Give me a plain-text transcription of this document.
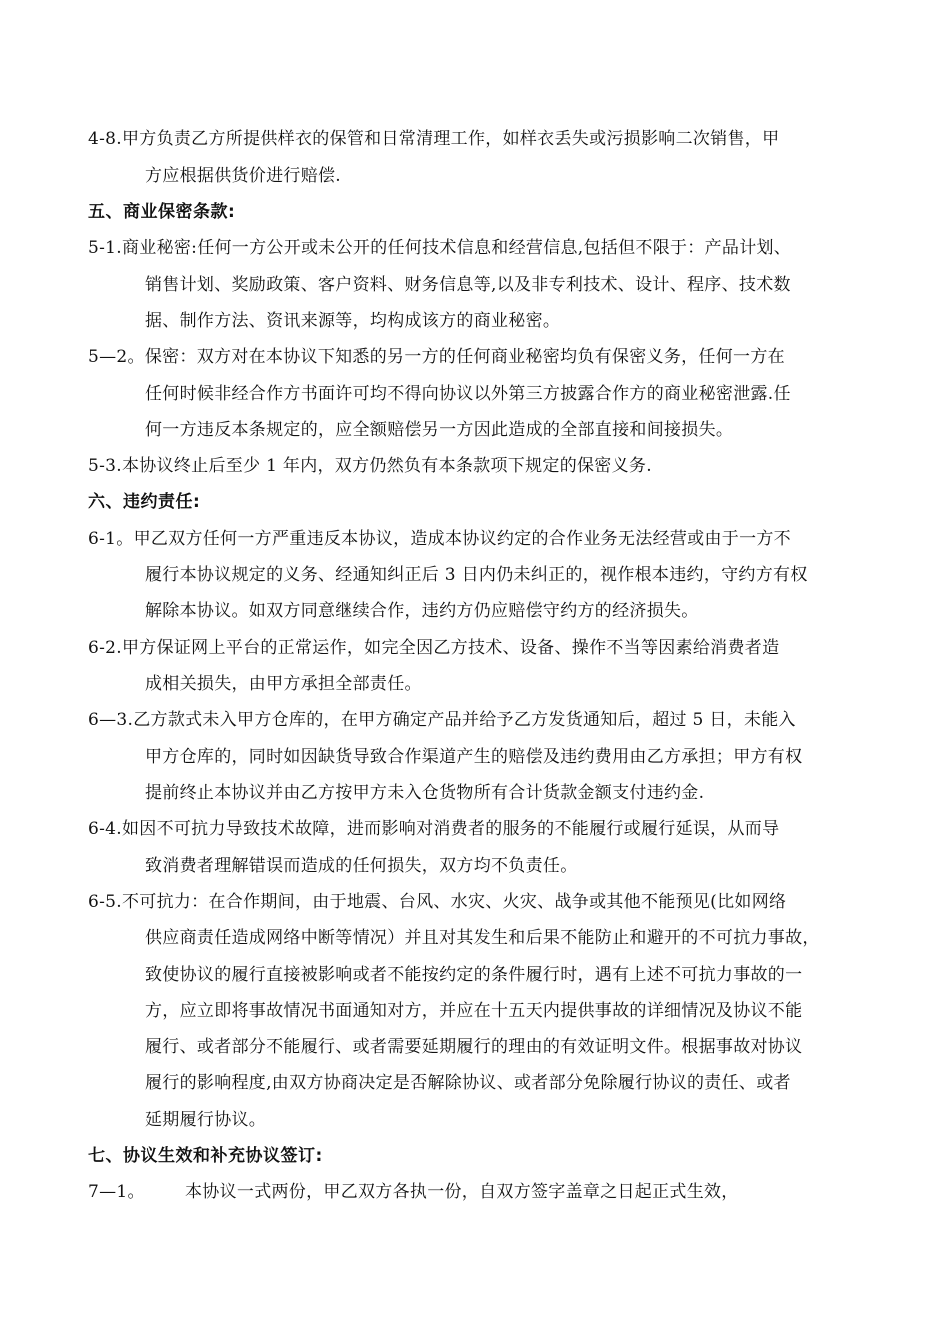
4-8.甲方负责乙方所提供样衣的保管和日常清理工作，如样衣丢失或污损影响二次销售，甲
方应根据供货价进行赔偿.
五、商业保密条款:
5-1.商业秘密:任何一方公开或未公开的任何技术信息和经营信息,包括但不限于：产品计划、
销售计划、奖励政策、客户资料、财务信息等,以及非专利技术、设计、程序、技术数
据、制作方法、资讯来源等，均构成该方的商业秘密。
5—2。保密：双方对在本协议下知悉的另一方的任何商业秘密均负有保密义务，任何一方在
任何时候非经合作方书面许可均不得向协议以外第三方披露合作方的商业秘密泄露.任
何一方违反本条规定的，应全额赔偿另一方因此造成的全部直接和间接损失。
5-3.本协议终止后至少 1 年内，双方仍然负有本条款项下规定的保密义务.
六、违约责任:
6-1。甲乙双方任何一方严重违反本协议，造成本协议约定的合作业务无法经营或由于一方不
履行本协议规定的义务、经通知纠正后 3 日内仍未纠正的，视作根本违约，守约方有权
解除本协议。如双方同意继续合作，违约方仍应赔偿守约方的经济损失。
6-2.甲方保证网上平台的正常运作，如完全因乙方技术、设备、操作不当等因素给消费者造
成相关损失，由甲方承担全部责任。
6—3.乙方款式未入甲方仓库的，在甲方确定产品并给予乙方发货通知后，超过 5 日，未能入
甲方仓库的，同时如因缺货导致合作渠道产生的赔偿及违约费用由乙方承担；甲方有权
提前终止本协议并由乙方按甲方未入仓货物所有合计货款金额支付违约金.
6-4.如因不可抗力导致技术故障，进而影响对消费者的服务的不能履行或履行延误，从而导
致消费者理解错误而造成的任何损失，双方均不负责任。
6-5.不可抗力：在合作期间，由于地震、台风、水灾、火灾、战争或其他不能预见(比如网络
供应商责任造成网络中断等情况）并且对其发生和后果不能防止和避开的不可抗力事故，
致使协议的履行直接被影响或者不能按约定的条件履行时，遇有上述不可抗力事故的一
方，应立即将事故情况书面通知对方，并应在十五天内提供事故的详细情况及协议不能
履行、或者部分不能履行、或者需要延期履行的理由的有效证明文件。根据事故对协议
履行的影响程度,由双方协商决定是否解除协议、或者部分免除履行协议的责任、或者
延期履行协议。
七、协议生效和补充协议签订:
7—1。 本协议一式两份，甲乙双方各执一份，自双方签字盖章之日起正式生效，
